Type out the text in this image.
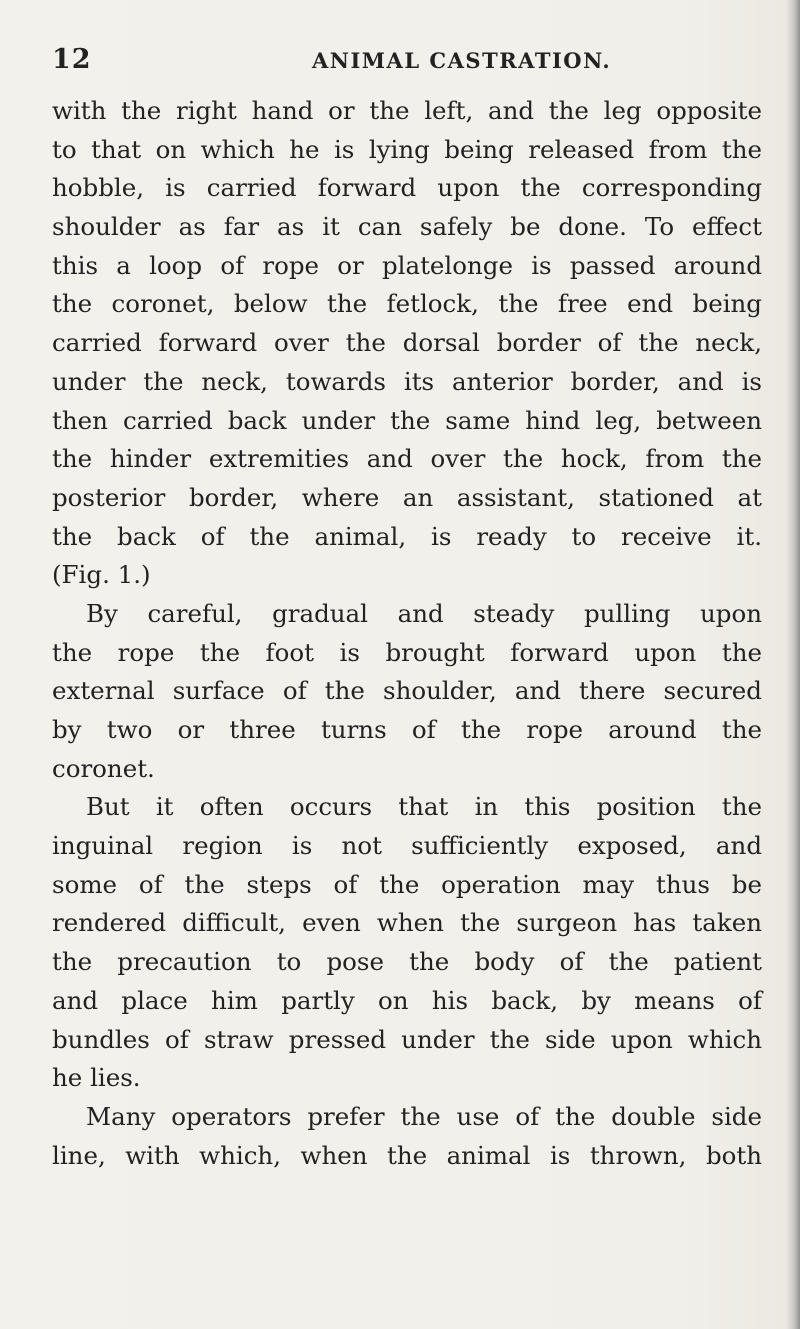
12	ANIMAL CASTRATION.
with the right hand or the left, and the leg opposite
to that on which he is lying being released from the
hobble, is carried forward upon the corresponding
shoulder as far as it can safely be done. To effect
this a loop of rope or platelonge is passed around
the coronet, below the fetlock, the free end being
carried forward over the dorsal border of the neck,
under the neck, towards its anterior border, and is
then carried back under the same hind leg, between
the hinder extremities and over the hock, from the
posterior border, where an assistant, stationed at
the back of the animal, is ready to receive it.
(Fig. 1.)
By careful, gradual and steady pulling upon
the rope the foot is brought forward upon the
external surface of the shoulder, and there secured
by two or three turns of the rope around the
coronet.
But it often occurs that in this position the
inguinal region is not sufficiently exposed, and
some of the steps of the operation may thus be
rendered difficult, even when the surgeon has taken
the precaution to pose the body of the patient
and place him partly on his back, by means of
bundles of straw pressed under the side upon which
he lies.
Many operators prefer the use of the double side
line, with which, when the animal is thrown, both
